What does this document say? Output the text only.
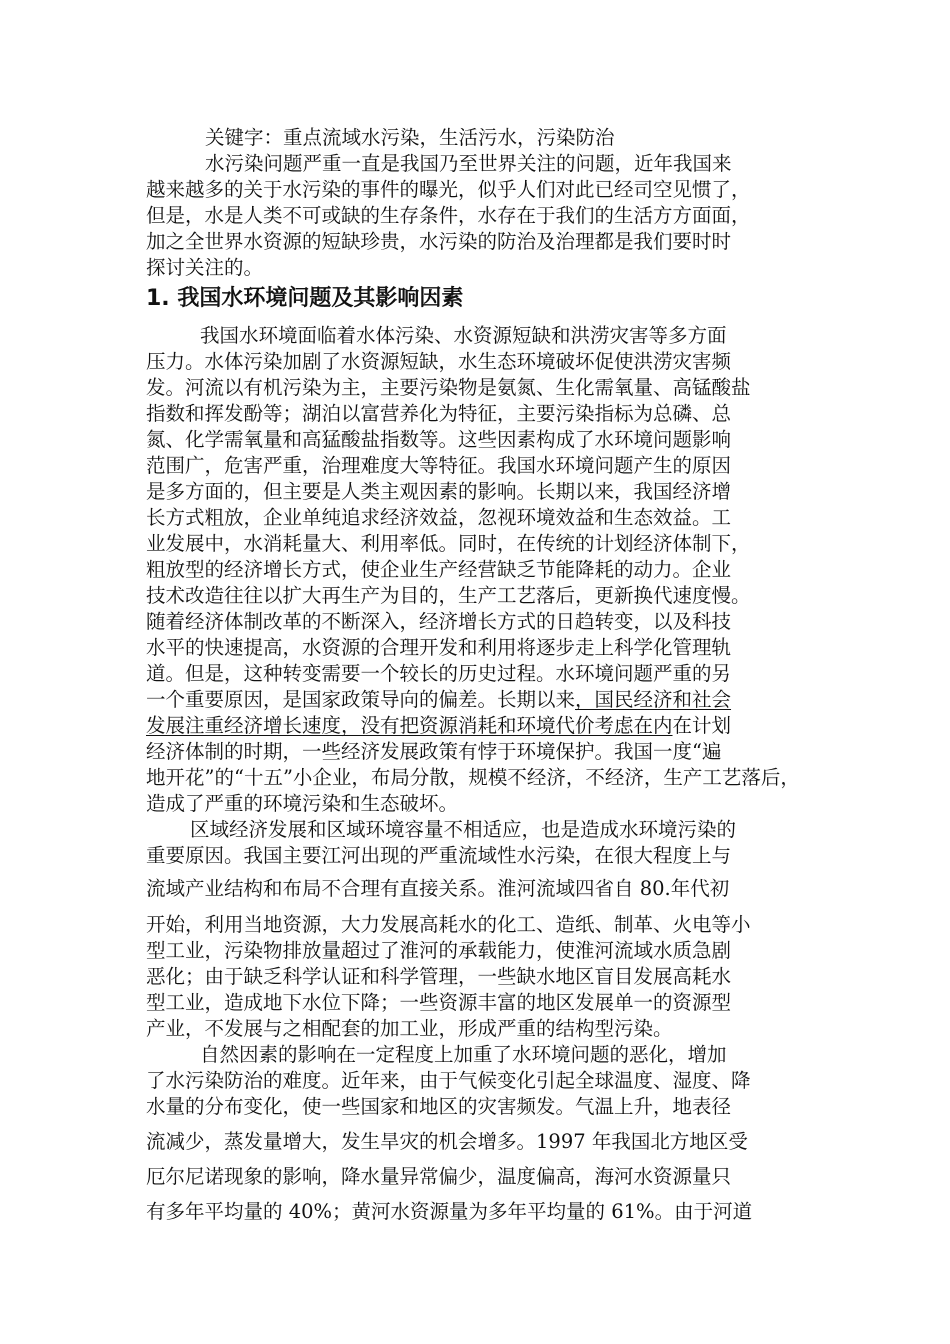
关键字：重点流域水污染，生活污水，污染防治
水污染问题严重一直是我国乃至世界关注的问题，近年我国来
越来越多的关于水污染的事件的曝光，似乎人们对此已经司空见惯了，
但是，水是人类不可或缺的生存条件，水存在于我们的生活方方面面，
加之全世界水资源的短缺珍贵，水污染的防治及治理都是我们要时时
探讨关注的。
1. 我国水环境问题及其影响因素
我国水环境面临着水体污染、水资源短缺和洪涝灾害等多方面
压力。水体污染加剧了水资源短缺，水生态环境破坏促使洪涝灾害频
发。河流以有机污染为主，主要污染物是氨氮、生化需氧量、高锰酸盐
指数和挥发酚等；湖泊以富营养化为特征，主要污染指标为总磷、总
氮、化学需氧量和高猛酸盐指数等。这些因素构成了水环境问题影响
范围广，危害严重，治理难度大等特征。我国水环境问题产生的原因
是多方面的，但主要是人类主观因素的影响。长期以来，我国经济增
长方式粗放，企业单纯追求经济效益，忽视环境效益和生态效益。工
业发展中，水消耗量大、利用率低。同时，在传统的计划经济体制下，
粗放型的经济增长方式，使企业生产经营缺乏节能降耗的动力。企业
技术改造往往以扩大再生产为目的，生产工艺落后，更新换代速度慢。
随着经济体制改革的不断深入，经济增长方式的日趋转变，以及科技
水平的快速提高，水资源的合理开发和利用将逐步走上科学化管理轨
道。但是，这种转变需要一个较长的历史过程。水环境问题严重的另
一个重要原因，是国家政策导向的偏差。长期以来，国民经济和社会
发展注重经济增长速度，没有把资源消耗和环境代价考虑在内在计划
经济体制的时期，一些经济发展政策有悖于环境保护。我国一度“遍
地开花”的“十五”小企业，布局分散，规模不经济，不经济，生产工艺落后，
造成了严重的环境污染和生态破坏。
区域经济发展和区域环境容量不相适应，也是造成水环境污染的
重要原因。我国主要江河出现的严重流域性水污染，在很大程度上与
流域产业结构和布局不合理有直接关系。淮河流域四省自 80.年代初
开始，利用当地资源，大力发展高耗水的化工、造纸、制革、火电等小
型工业，污染物排放量超过了淮河的承载能力，使淮河流域水质急剧
恶化；由于缺乏科学认证和科学管理，一些缺水地区盲目发展高耗水
型工业，造成地下水位下降；一些资源丰富的地区发展单一的资源型
产业，不发展与之相配套的加工业，形成严重的结构型污染。
自然因素的影响在一定程度上加重了水环境问题的恶化，增加
了水污染防治的难度。近年来，由于气候变化引起全球温度、湿度、降
水量的分布变化，使一些国家和地区的灾害频发。气温上升，地表径
流减少，蒸发量增大，发生旱灾的机会增多。1997 年我国北方地区受
厄尔尼诺现象的影响，降水量异常偏少，温度偏高，海河水资源量只
有多年平均量的 40%；黄河水资源量为多年平均量的 61%。由于河道
